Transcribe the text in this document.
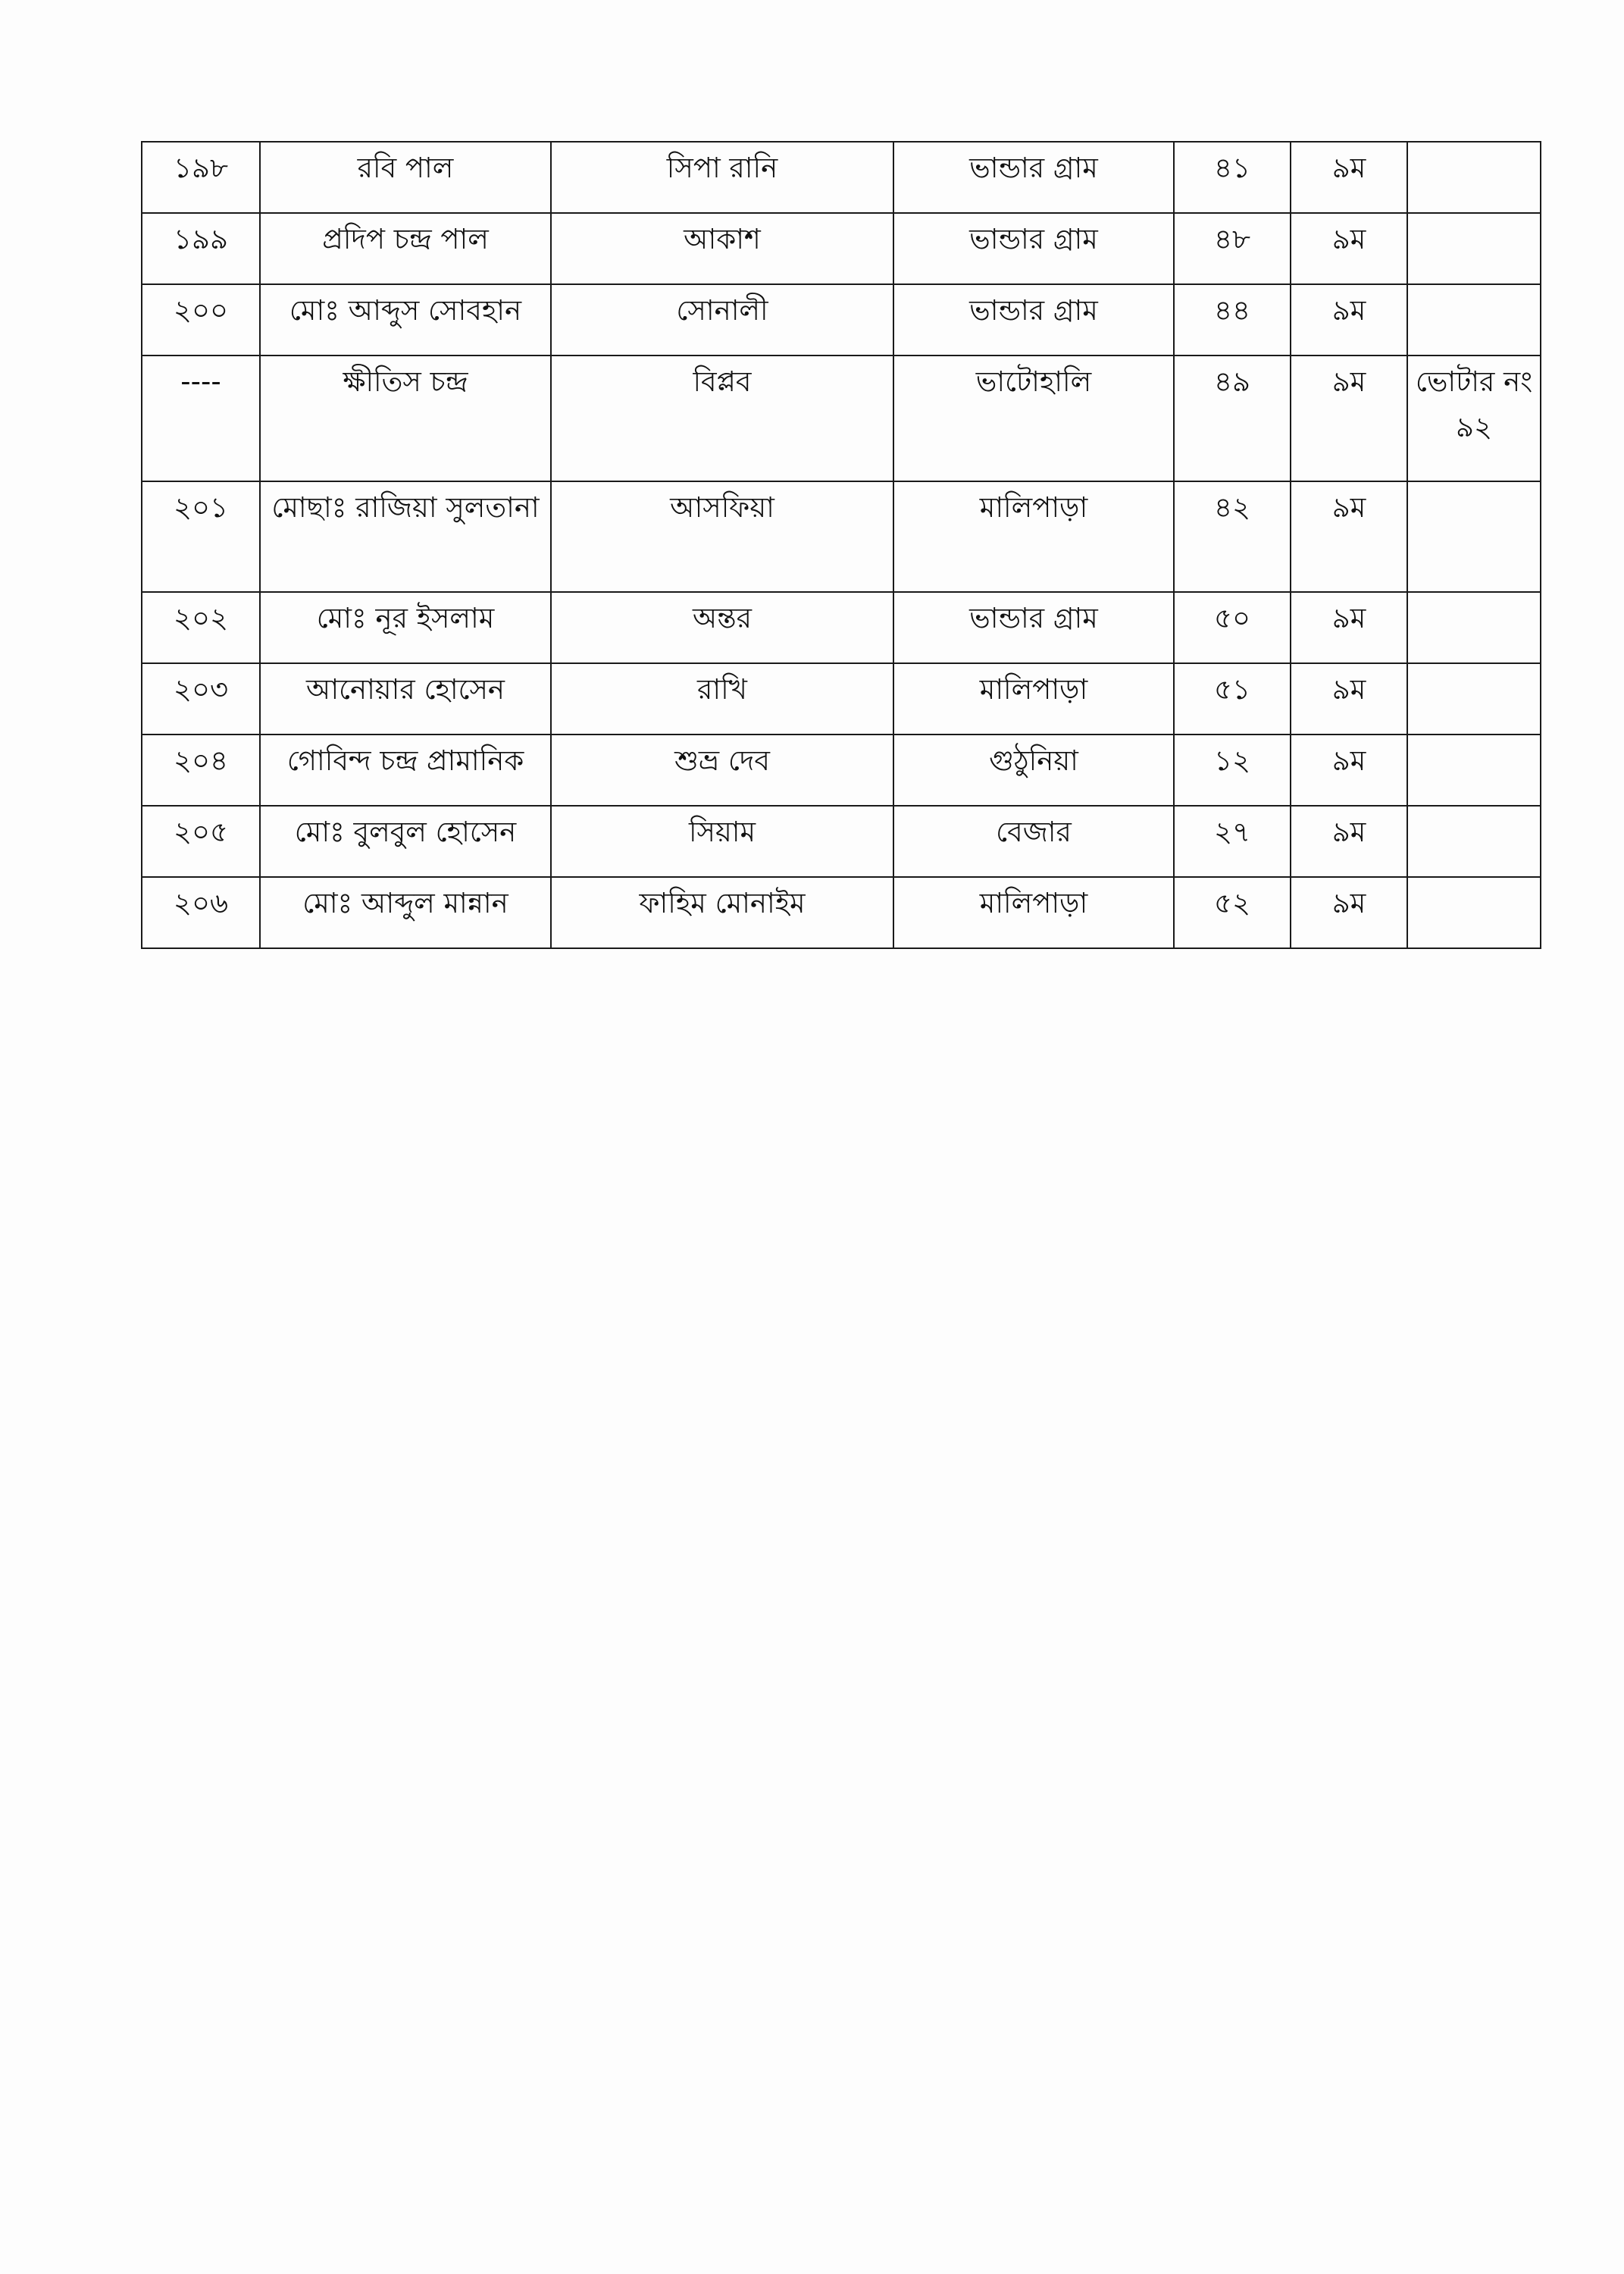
১৯৮	রবি পাল	সিপা রানি	ভান্ডার গ্রাম	৪১	৯ম	
১৯৯	প্রদিপ চন্দ্র পাল	আকাশ	ভান্ডার গ্রাম	৪৮	৯ম	
২০০	মোঃ আব্দুস সোবহান	সোনালী	ভান্ডার গ্রাম	৪৪	৯ম	
----	ক্ষীতিস চন্দ্র	বিপ্লব	ভাটোহালি	৪৯	৯ম	ভোটার নং ৯২
২০১	মোছাঃ রাজিয়া সুলতানা	আসফিয়া	মালিপাড়া	৪২	৯ম	
২০২	মোঃ নূর ইসলাম	অন্তর	ভান্ডার গ্রাম	৫০	৯ম	
২০৩	আনোয়ার হোসেন	রাখি	মালিপাড়া	৫১	৯ম	
২০৪	গোবিন্দ চন্দ্র প্রামানিক	শুভ্র দেব	গুঠুনিয়া	১২	৯ম	
২০৫	মোঃ বুলবুল হোসেন	সিয়াম	বেজার	২৭	৯ম	
২০৬	মোঃ আব্দুল মান্নান	ফাহিম মোনাইম	মালিপাড়া	৫২	৯ম	
